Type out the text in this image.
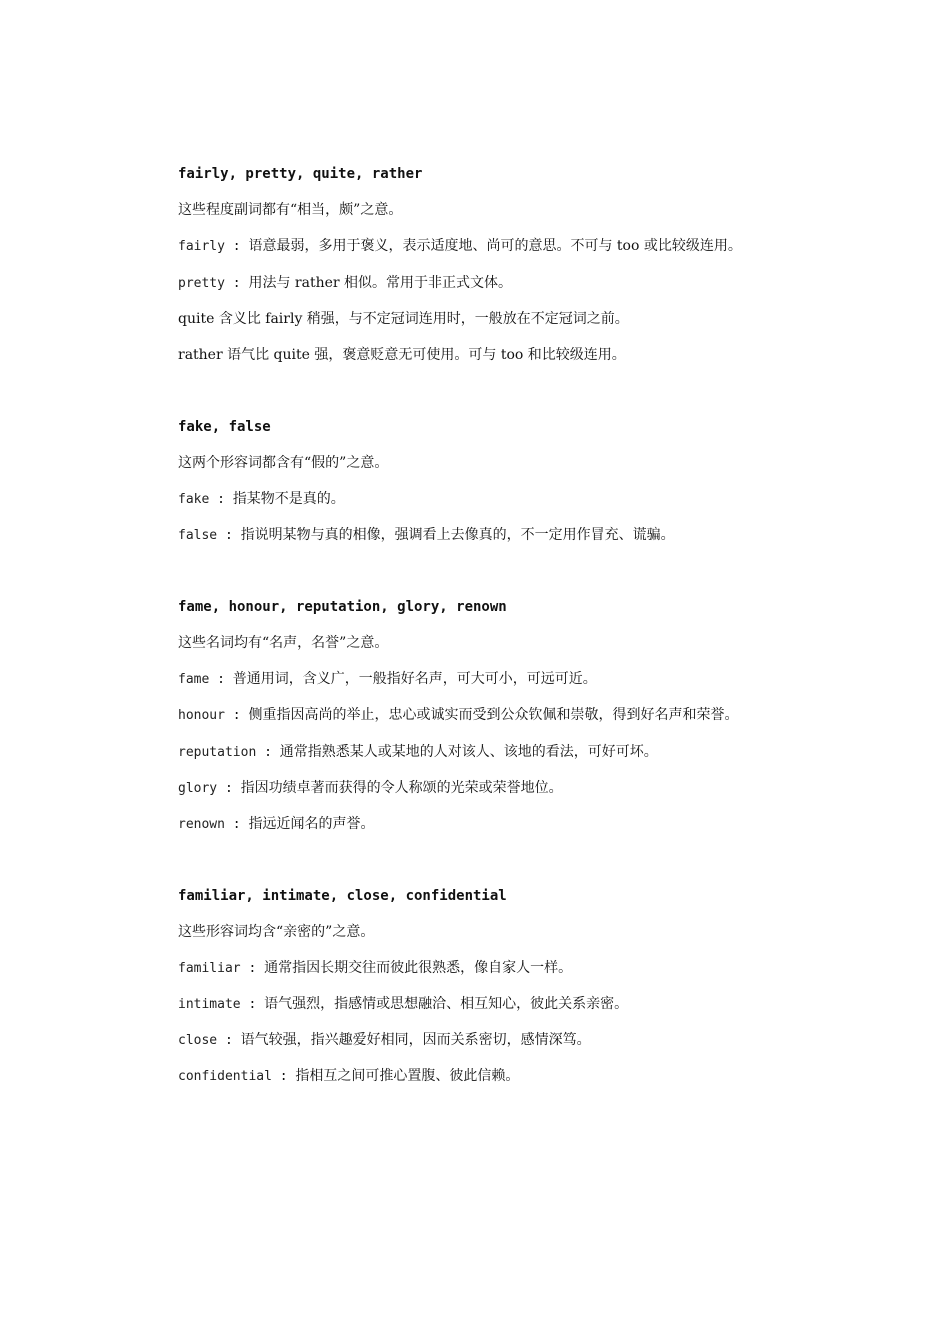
fairly, pretty, quite, rather
这些程度副词都有“相当，颇”之意。
fairly : 语意最弱，多用于褒义，表示适度地、尚可的意思。不可与 too 或比较级连用。
pretty : 用法与 rather 相似。常用于非正式文体。
quite 含义比 fairly 稍强，与不定冠词连用时，一般放在不定冠词之前。
rather 语气比 quite 强，褒意贬意无可使用。可与 too 和比较级连用。
fake, false
这两个形容词都含有“假的”之意。
fake : 指某物不是真的。
false : 指说明某物与真的相像，强调看上去像真的，不一定用作冒充、谎骗。
fame, honour, reputation, glory, renown
这些名词均有“名声，名誉”之意。
fame : 普通用词，含义广，一般指好名声，可大可小，可远可近。
honour : 侧重指因高尚的举止，忠心或诚实而受到公众钦佩和崇敬，得到好名声和荣誉。
reputation : 通常指熟悉某人或某地的人对该人、该地的看法，可好可坏。
glory : 指因功绩卓著而获得的令人称颂的光荣或荣誉地位。
renown : 指远近闻名的声誉。
familiar, intimate, close, confidential
这些形容词均含“亲密的”之意。
familiar : 通常指因长期交往而彼此很熟悉，像自家人一样。
intimate : 语气强烈，指感情或思想融洽、相互知心，彼此关系亲密。
close : 语气较强，指兴趣爱好相同，因而关系密切，感情深笃。
confidential : 指相互之间可推心置腹、彼此信赖。
